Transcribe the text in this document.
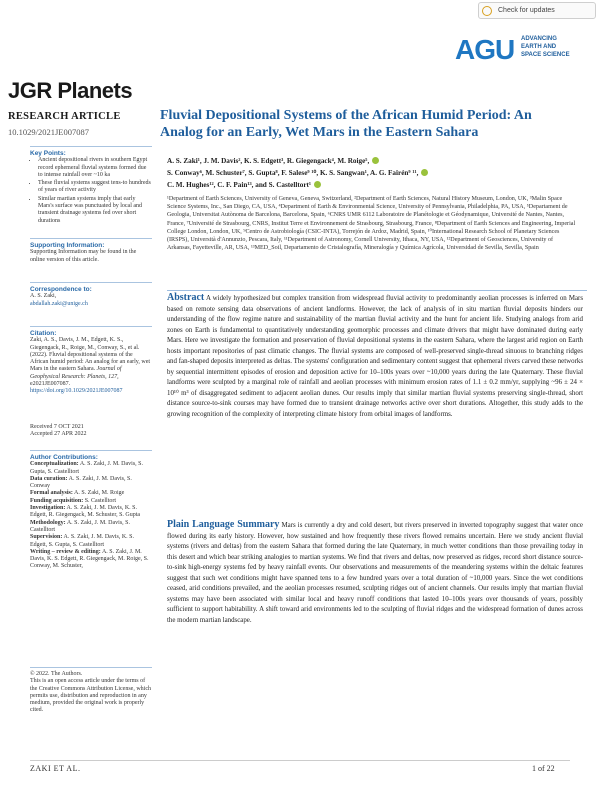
Check for updates
AGU ADVANCING
EARTH AND
SPACE SCIENCE
JGR Planets
RESEARCH ARTICLE
10.1029/2021JE007087
Key Points:
• Ancient depositional rivers in southern Egypt record ephemeral fluvial systems formed due to intense rainfall over ~10 ka
• These fluvial systems suggest tens-to hundreds of years of river activity
• Similar martian systems imply that early Mars's surface was punctuated by local and transient drainage systems fed over short durations
Supporting Information:
Supporting Information may be found in the online version of this article.
Correspondence to:
A. S. Zaki,
abdallah.zaki@unige.ch
Citation:
Zaki, A. S., Davis, J. M., Edgett, K. S., Giegengack, R., Roige, M., Conway, S., et al. (2022). Fluvial depositional systems of the African humid period: An analog for an early, wet Mars in the eastern Sahara. Journal of Geophysical Research: Planets, 127, e2021JE007087. https://doi.org/10.1029/2021JE007087
Received 7 OCT 2021
Accepted 27 APR 2022
Author Contributions:
Conceptualization: A. S. Zaki, J. M. Davis, S. Gupta, S. Castelltort
Data curation: A. S. Zaki, J. M. Davis, S. Conway
Formal analysis: A. S. Zaki, M. Roige
Funding acquisition: S. Castelltort
Investigation: A. S. Zaki, J. M. Davis, K. S. Edgett, R. Giegengack, M. Schuster, S. Gupta
Methodology: A. S. Zaki, J. M. Davis, S. Castelltort
Supervision: A. S. Zaki, J. M. Davis, K. S. Edgett, S. Gupta, S. Castelltort
Writing – review & editing: A. S. Zaki, J. M. Davis, K. S. Edgett, R. Giegengack, M. Roige, S. Conway, M. Schuster,
© 2022. The Authors.
This is an open access article under the terms of the Creative Commons Attribution License, which permits use, distribution and reproduction in any medium, provided the original work is properly cited.
Fluvial Depositional Systems of the African Humid Period: An Analog for an Early, Wet Mars in the Eastern Sahara
A. S. Zaki¹, J. M. Davis², K. S. Edgett³, R. Giegengack⁴, M. Roige⁵,
S. Conway⁶, M. Schuster⁷, S. Gupta⁸, F. Salese⁹ ¹⁰, K. S. Sangwan¹, A. G. Fairén⁹ ¹¹,
C. M. Hughes¹², C. F. Pain¹³, and S. Castelltort¹
¹Department of Earth Sciences, University of Geneva, Geneva, Switzerland, ²Department of Earth Sciences, Natural History Museum, London, UK, ³Malin Space Science Systems, Inc., San Diego, CA, USA, ⁴Department of Earth & Environmental Science, University of Pennsylvania, Philadelphia, PA, USA, ⁵Departament de Geologia, Universitat Autònoma de Barcelona, Barcelona, Spain, ⁶CNRS UMR 6112 Laboratoire de Planétologie et Géodynamique, Université de Nantes, Nantes, France, ⁷Université de Strasbourg, CNRS, Institut Terre et Environnement de Strasbourg, Strasbourg, France, ⁸Department of Earth Sciences and Engineering, Imperial College London, London, UK, ⁹Centro de Astrobiología (CSIC-INTA), Torrejón de Ardoz, Madrid, Spain, ¹⁰International Research School of Planetary Sciences (IRSPS), Università d'Annunzio, Pescara, Italy, ¹¹Department of Astronomy, Cornell University, Ithaca, NY, USA, ¹²Department of Geosciences, University of Arkansas, Fayetteville, AR, USA, ¹³MED_Soil, Departamento de Cristalografía, Mineralogía y Química Agrícola, Universidad de Sevilla, Sevilla, Spain
Abstract A widely hypothesized but complex transition from widespread fluvial activity to predominantly aeolian processes is inferred on Mars based on remote sensing data observations of ancient landforms. However, the lack of analysis of in situ martian fluvial deposits hinders our understanding of the flow regime nature and sustainability of the martian fluvial activity and the hunt for ancient life. Studying analogs from arid zones on Earth is fundamental to quantitatively understanding geomorphic processes and climate drivers that might have dominated during early Mars. Here we investigate the formation and preservation of fluvial depositional systems in the eastern Sahara, where the largest arid region on Earth hosts important repositories of past climatic changes. The fluvial systems are composed of well-preserved single-thread sinuous to branching ridges and fan-shaped deposits interpreted as deltas. The systems' configuration and sedimentary content suggest that ephemeral rivers carved these networks by sequential intermittent episodes of erosion and deposition active for 10–100s years over ~10,000 years during the late Quaternary. These fluvial landforms were sculpted by a marginal role of rainfall and aeolian processes with minimum erosion rates of 1.1 ± 0.2 mm/yr, supplying ~96 ± 24 × 10¹⁰ m³ of disaggregated sediment to adjacent aeolian dunes. Our results imply that similar martian fluvial systems preserving single-thread, short distance source-to-sink courses may have formed due to transient drainage networks active over short durations. Altogether, this study adds to the growing recognition of the complexity of interpreting climate history from orbital images of landforms.
Plain Language Summary Mars is currently a dry and cold desert, but rivers preserved in inverted topography suggest that water once flowed during its early history. However, how sustained and how frequently these rivers flowed remains uncertain. Here we study ancient fluvial systems (rivers and deltas) from the eastern Sahara that formed during the late Quaternary, in much wetter conditions than those prevailing today in this desert and which bear striking analogies to martian systems. We find that rivers and deltas, now preserved as ridges, record short distance source-to-sink high-energy systems fed by heavy rainfall events. Our observations and measurements of the meandering systems within the deltaic features suggest that such wet conditions might have spanned tens to a few hundred years over a total duration of ~10,000 years. Since the wet conditions ceased, arid conditions prevailed, and the aeolian processes resumed, sculpting ridges out of ancient channels. Our results imply that martian fluvial systems may have been associated with similar local and heavy runoff conditions that lasted 10–100s years over thousands of years, possibly sufficient to support habitability. A shift toward arid environments led to the sculpting of fluvial ridges and the widespread formation of dunes across the modern martian landscape.
ZAKI ET AL.	1 of 22
